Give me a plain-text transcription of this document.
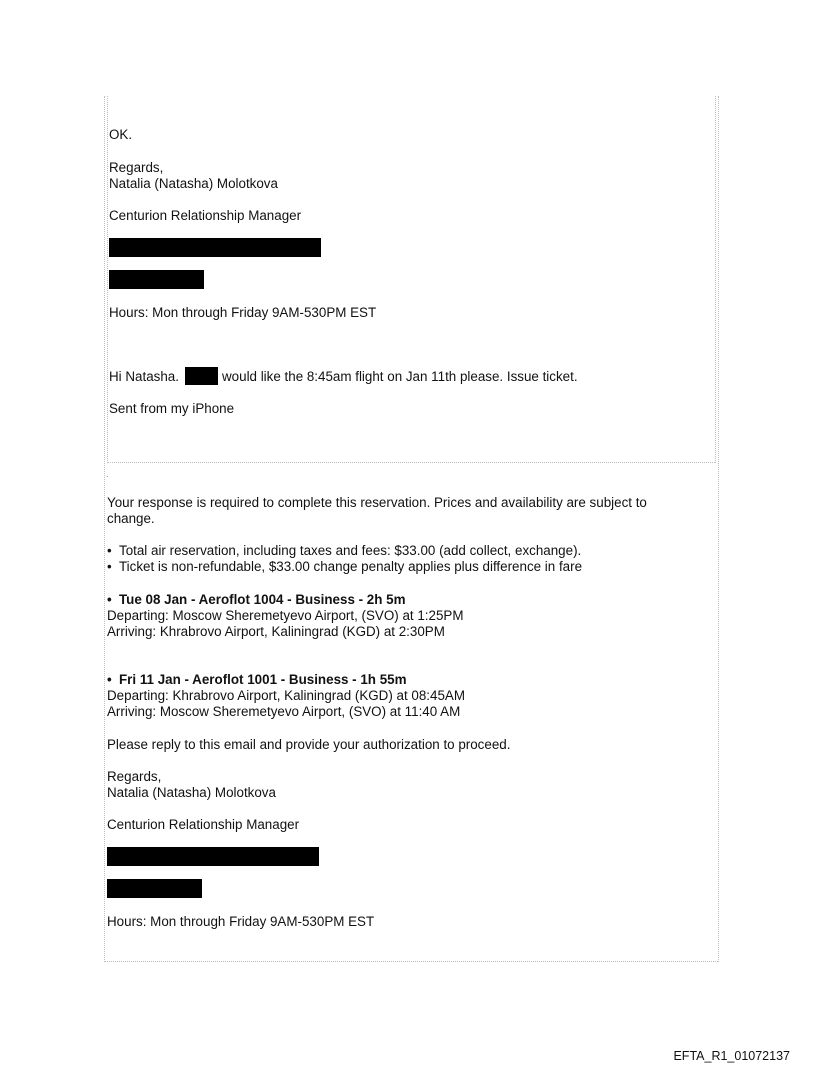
OK.
Regards,
Natalia (Natasha) Molotkova
Centurion Relationship Manager
Hours: Mon through Friday 9AM-530PM EST
Hi Natasha.	would like the 8:45am flight on Jan 11th please. Issue ticket.
Sent from my iPhone
.
Your response is required to complete this reservation. Prices and availability are subject to
change.
• Total air reservation, including taxes and fees: $33.00 (add collect, exchange).
• Ticket is non-refundable, $33.00 change penalty applies plus difference in fare
• Tue 08 Jan - Aeroflot 1004 - Business - 2h 5m
Departing: Moscow Sheremetyevo Airport, (SVO) at 1:25PM
Arriving: Khrabrovo Airport, Kaliningrad (KGD) at 2:30PM
• Fri 11 Jan - Aeroflot 1001 - Business - 1h 55m
Departing: Khrabrovo Airport, Kaliningrad (KGD) at 08:45AM
Arriving: Moscow Sheremetyevo Airport, (SVO) at 11:40 AM
Please reply to this email and provide your authorization to proceed.
Regards,
Natalia (Natasha) Molotkova
Centurion Relationship Manager
Hours: Mon through Friday 9AM-530PM EST
EFTA_R1_01072137
